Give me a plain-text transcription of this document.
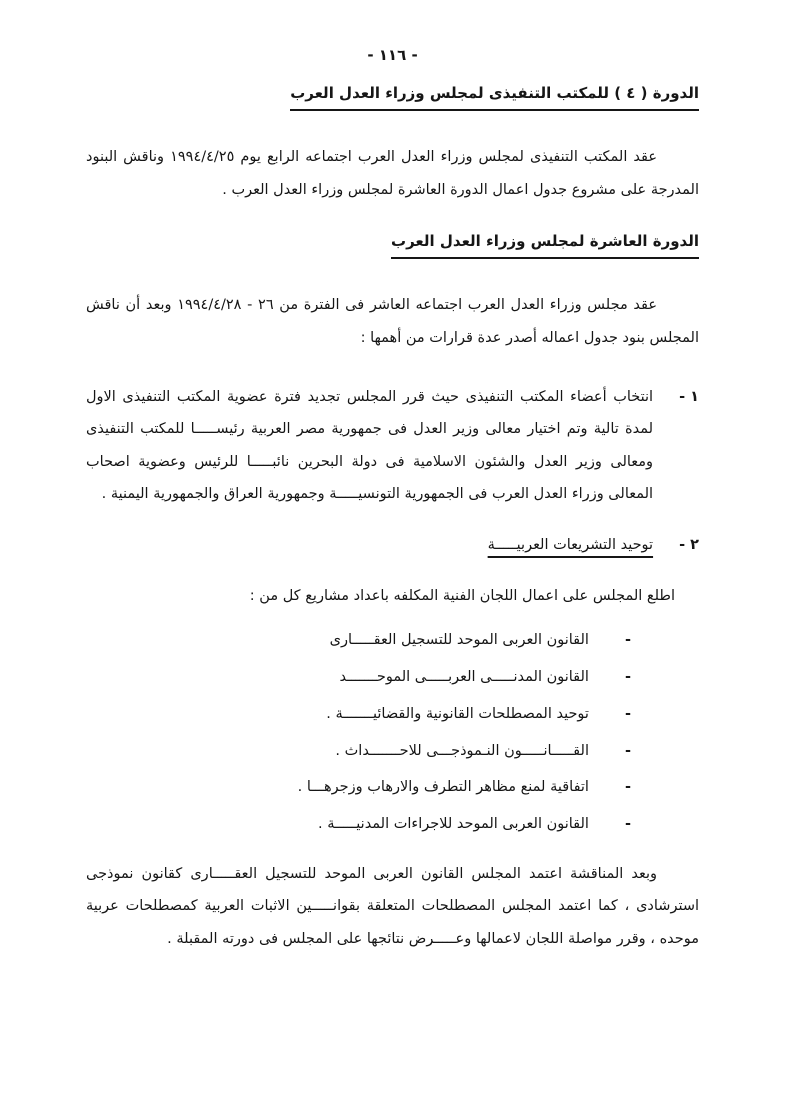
- ١١٦ -
الدورة ( ٤ ) للمكتب التنفيذى لمجلس وزراء العدل العرب

عقد المكتب التنفيذى لمجلس وزراء العدل العرب اجتماعه الرابع يوم ١٩٩٤/٤/٢٥ وناقش البنود المدرجة على مشروع جدول اعمال الدورة العاشرة لمجلس وزراء العدل العرب .

الدورة العاشرة لمجلس وزراء العدل العرب

عقد مجلس وزراء العدل العرب اجتماعه العاشر فى الفترة من ٢٦ - ١٩٩٤/٤/٢٨ وبعد أن ناقش المجلس بنود جدول اعماله أصدر عدة قرارات من أهمها :

١ -

انتخاب أعضاء المكتب التنفيذى حيث قرر المجلس تجديد فترة عضوية المكتب التنفيذى الاول لمدة تالية وتم اختيار معالى وزير العدل فى جمهورية مصر العربية رئيســـــا للمكتب التنفيذى ومعالى وزير العدل والشئون الاسلامية فى دولة البحرين نائبـــــا للرئيس وعضوية اصحاب المعالى وزراء العدل العرب فى الجمهورية التونسيـــــة وجمهورية العراق والجمهورية اليمنية .

٢ -

توحيد التشريعات العربيـــــة

اطلع المجلس على اعمال اللجان الفنية المكلفه باعداد مشاريع كل من :

-
القانون العربى الموحد للتسجيل العقـــــارى
-
القانون المدنـــــى العربـــــى الموحـــــــد
-
توحيد المصطلحات القانونية والقضائيـــــــة .
-
القـــــانـــــون النـموذجـــى للاحـــــــداث .
-
اتفاقية لمنع مظاهر التطرف والارهاب وزجرهـــا .
-
القانون العربى الموحد للاجراءات المدنيـــــة .

وبعد المناقشة اعتمد المجلس القانون العربى الموحد للتسجيل العقـــــارى كقانون نموذجى استرشادى ، كما اعتمد المجلس المصطلحات المتعلقة بقوانـــــين الاثبات العربية كمصطلحات عربية موحده ، وقرر مواصلة اللجان لاعمالها وعـــــرض نتائجها على المجلس فى دورته المقبلة .
